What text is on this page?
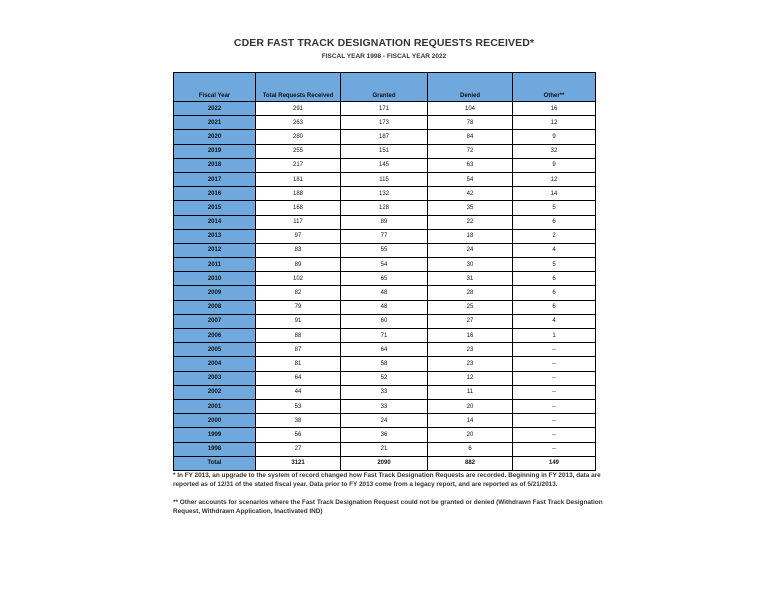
CDER FAST TRACK DESIGNATION REQUESTS RECEIVED*
FISCAL YEAR 1998 - FISCAL YEAR 2022
Fiscal Year	Total Requests Received	Granted	Denied	Other**
2022	291	171	104	16
2021	263	173	78	12
2020	280	187	84	9
2019	255	151	72	32
2018	217	145	63	9
2017	181	115	54	12
2016	188	132	42	14
2015	168	128	35	5
2014	117	89	22	6
2013	97	77	18	2
2012	83	55	24	4
2011	89	54	30	5
2010	102	65	31	6
2009	82	48	28	6
2008	79	48	25	6
2007	91	60	27	4
2006	88	71	16	1
2005	87	64	23	--
2004	81	58	23	--
2003	64	52	12	--
2002	44	33	11	--
2001	53	33	20	--
2000	38	24	14	--
1999	56	36	20	--
1998	27	21	6	--
Total	3121	2090	882	149

* In FY 2013, an upgrade to the system of record changed how Fast Track Designation Requests are recorded. Beginning in FY 2013, data are reported as of 12/31 of the stated fiscal year. Data prior to FY 2013 come from a legacy report, and are reported as of 5/21/2013.

** Other accounts for scenarios where the Fast Track Designation Request could not be granted or denied (Withdrawn Fast Track Designation Request, Withdrawn Application, Inactivated IND)
